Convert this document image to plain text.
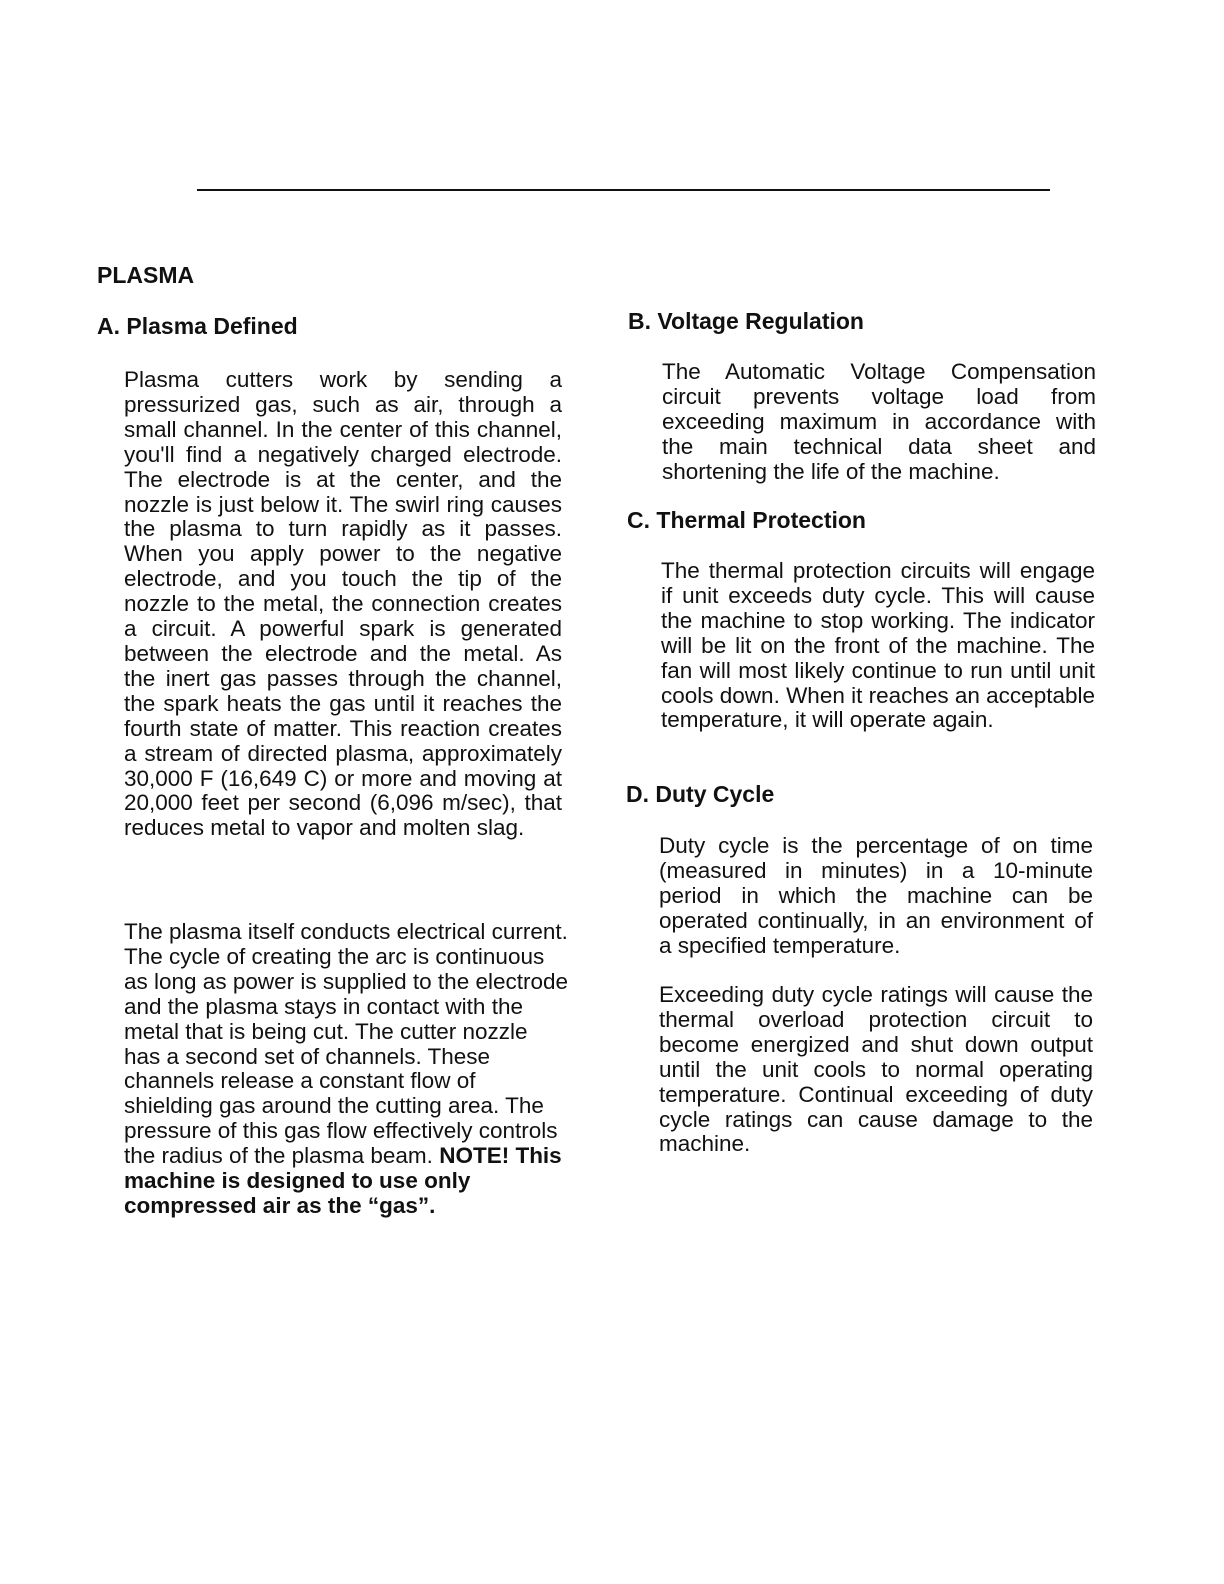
PLASMA
A. Plasma Defined

Plasma cutters work by sending a pressurized gas, such as air, through a small channel. In the center of this channel, you'll find a negatively charged electrode. The electrode is at the center, and the nozzle is just below it. The swirl ring causes the plasma to turn rapidly as it passes. When you apply power to the negative electrode, and you touch the tip of the nozzle to the metal, the connection creates a circuit. A powerful spark is generated between the electrode and the metal. As the inert gas passes through the channel, the spark heats the gas until it reaches the fourth state of matter. This reaction creates a stream of directed plasma, approximately 30,000 F (16,649 C) or more and moving at 20,000 feet per second (6,096 m/sec), that reduces metal to vapor and molten slag.

The plasma itself conducts electrical current. The cycle of creating the arc is continuous as long as power is supplied to the electrode and the plasma stays in contact with the metal that is being cut. The cutter nozzle has a second set of channels. These channels release a constant flow of shielding gas around the cutting area. The pressure of this gas flow effectively controls the radius of the plasma beam. NOTE! This machine is designed to use only compressed air as the “gas”.

B. Voltage Regulation

The Automatic Voltage Compensation circuit prevents voltage load from exceeding maximum in accordance with the main technical data sheet and shortening the life of the machine.

C. Thermal Protection

The thermal protection circuits will engage if unit exceeds duty cycle. This will cause the machine to stop working. The indicator will be lit on the front of the machine. The fan will most likely continue to run until unit cools down. When it reaches an acceptable temperature, it will operate again.

D. Duty Cycle

Duty cycle is the percentage of on time (measured in minutes) in a 10-minute period in which the machine can be operated continually, in an environment of a specified temperature.

Exceeding duty cycle ratings will cause the thermal overload protection circuit to become energized and shut down output until the unit cools to normal operating temperature. Continual exceeding of duty cycle ratings can cause damage to the machine.
